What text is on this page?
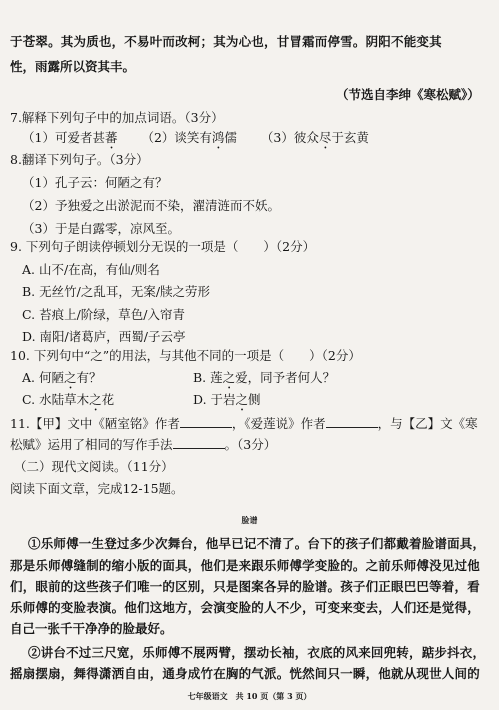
于苍翠。其为质也，不易叶而改柯；其为心也，甘冒霜而停雪。阴阳不能变其
性，雨露所以资其丰。
（节选自李绅《寒松赋》）
7.解释下列句子中的加点词语。（3分）
（1）可爱者甚蕃 （2）谈笑有鸿儒 （3）彼众尽于玄黄
8.翻译下列句子。（3分）
（1）孔子云：何陋之有？
（2）予独爱之出淤泥而不染，濯清涟而不妖。
（3）于是白露零，凉风至。
9. 下列句子朗读停顿划分无误的一项是（　　）（2分）
A. 山不/在高，有仙/则名
B. 无丝竹/之乱耳，无案/牍之劳形
C. 苔痕上/阶绿，草色/入帘青
D. 南阳/诸葛庐，西蜀/子云亭
10. 下列句中“之”的用法，与其他不同的一项是（　　）（2分）
A. 何陋之有？	B. 莲之爱，同予者何人？
C. 水陆草木之花	D. 于岩之侧
11.【甲】文中《陋室铭》作者	，《爱莲说》作者	，与【乙】文《寒
松赋》运用了相同的写作手法	。（3分）
（二）现代文阅读。（11分）
阅读下面文章，完成12-15题。
脸谱
①乐师傅一生登过多少次舞台，他早已记不清了。台下的孩子们都戴着脸谱面具，
那是乐师傅缝制的缩小版的面具，他们是来跟乐师傅学变脸的。之前乐师傅没见过他
们，眼前的这些孩子们唯一的区别，只是图案各异的脸谱。孩子们正眼巴巴等着，看
乐师傅的变脸表演。他们这地方，会演变脸的人不少，可变来变去，人们还是觉得，
自己一张千干净净的脸最好。
②讲台不过三尺宽，乐师傅不展两臂，摆动长袖，衣底的风来回兜转，踮步抖衣，
摇扇摆扇，舞得潇洒自由，通身成竹在胸的气派。恍然间只一瞬，他就从现世人间的
七年级语文　共 10 页（第 3 页）
